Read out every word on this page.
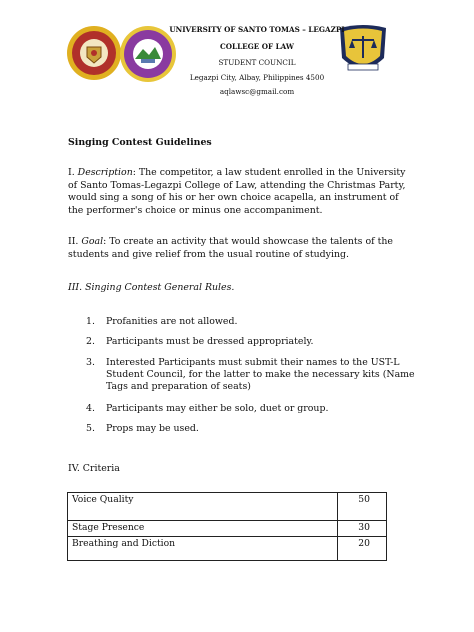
UNIVERSITY OF SANTO TOMAS – LEGAZPI
COLLEGE OF LAW
STUDENT COUNCIL
Legazpi City, Albay, Philippines 4500
aqlawsc@gmail.com
Singing Contest Guidelines
I. Description: The competitor, a law student enrolled in the University
of Santo Tomas-Legazpi College of Law, attending the Christmas Party,
would sing a song of his or her own choice acapella, an instrument of
the performer's choice or minus one accompaniment.
II. Goal: To create an activity that would showcase the talents of the
students and give relief from the usual routine of studying.
III. Singing Contest General Rules.
1. Profanities are not allowed.
2. Participants must be dressed appropriately.
3. Interested Participants must submit their names to the UST-L
Student Council, for the latter to make the necessary kits (Name
Tags and preparation of seats)
4. Participants may either be solo, duet or group.
5. Props may be used.
IV. Criteria
Voice Quality	50
Stage Presence	30
Breathing and Diction	20
